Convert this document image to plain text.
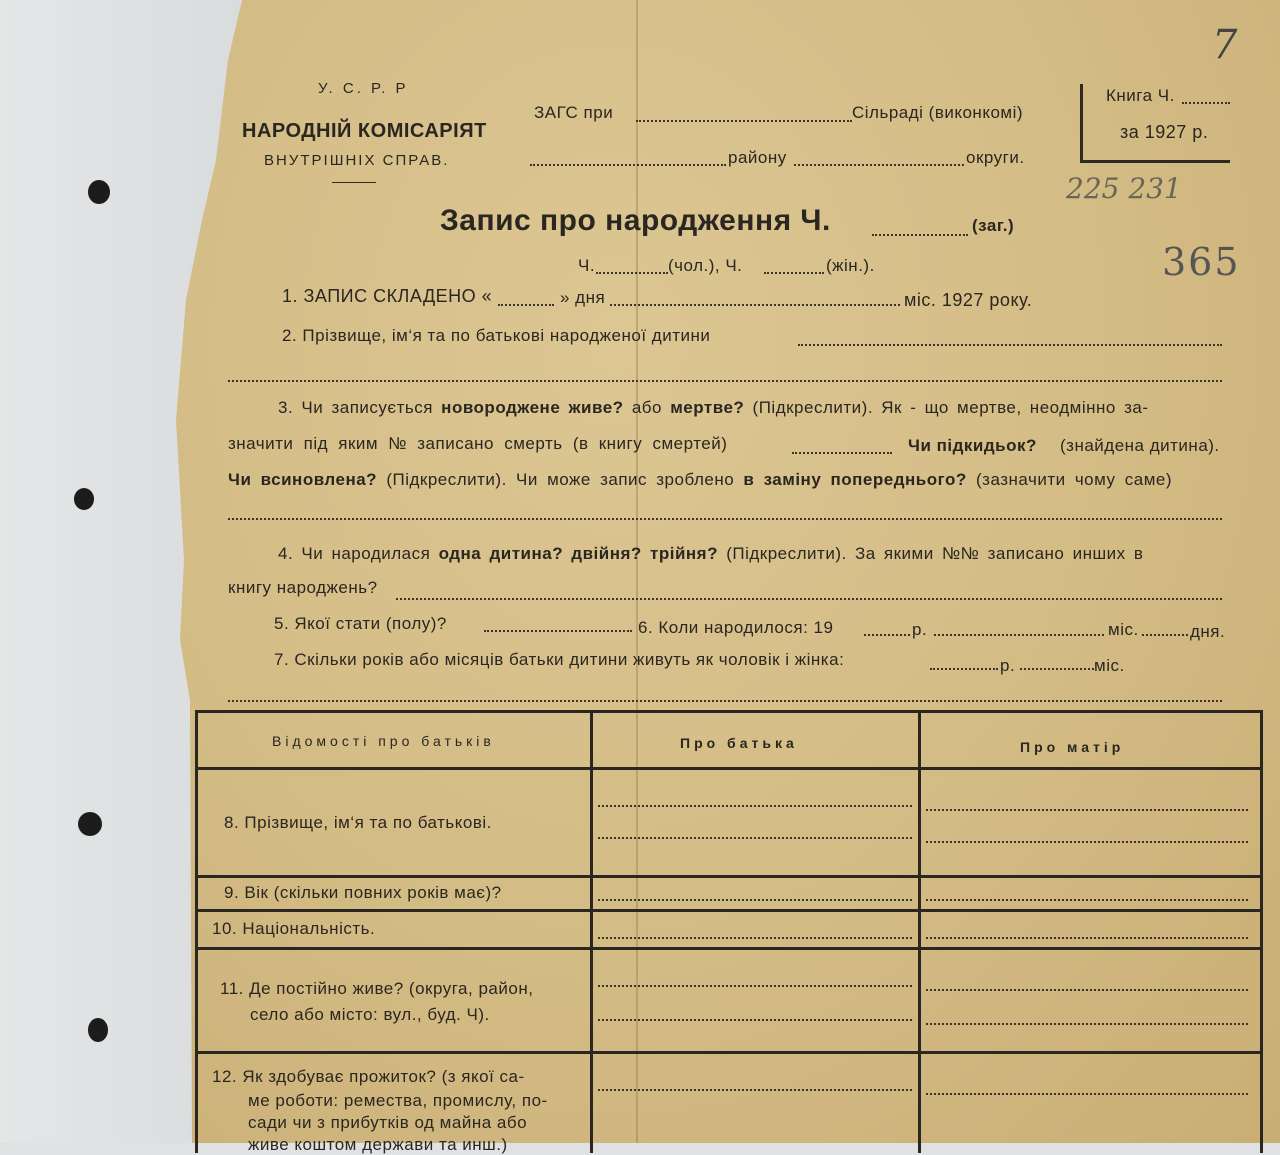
У. С. Р. Р
НАРОДНІЙ КОМІСАРІЯТ
ВНУТРІШНІХ СПРАВ.
ЗАГС при	Сільраді (виконкомі)
району	округи.
Книга Ч.
за 1927 р.
7
225 231
365
Запис про народження Ч.	(заг.)
Ч.	(чол.), Ч.	(жін.).
1. ЗАПИС СКЛАДЕНО «	» дня	міс. 1927 року.
2. Прізвище, ім‘я та по батькові народженої дитини
3. Чи записується новороджене живе? або мертве? (Підкреслити). Як - що мертве, неодмінно за-
значити під яким № записано смерть (в книгу смертей)	Чи підкидьок? (знайдена дитина).
Чи всиновлена? (Підкреслити). Чи може запис зроблено в заміну попереднього? (зазначити чому саме)
4. Чи народилася одна дитина? двійня? трійня? (Підкреслити). За якими №№ записано инших в
книгу народжень?
5. Якої стати (полу)?	6. Коли народилося: 19	р.	міс.	дня.
7. Скільки років або місяців батьки дитини живуть як чоловік і жінка:	р.	міс.
Відомості про батьків	Про батька	Про матір
8. Прізвище, ім‘я та по батькові.
9. Вік (скільки повних років має)?
10. Національність.
11. Де постійно живе? (округа, район,
село або місто: вул., буд. Ч).
12. Як здобуває прожиток? (з якої са-
ме роботи: ремества, промислу, по-
сади чи з прибутків од майна або
живе коштом держави та инш.)
